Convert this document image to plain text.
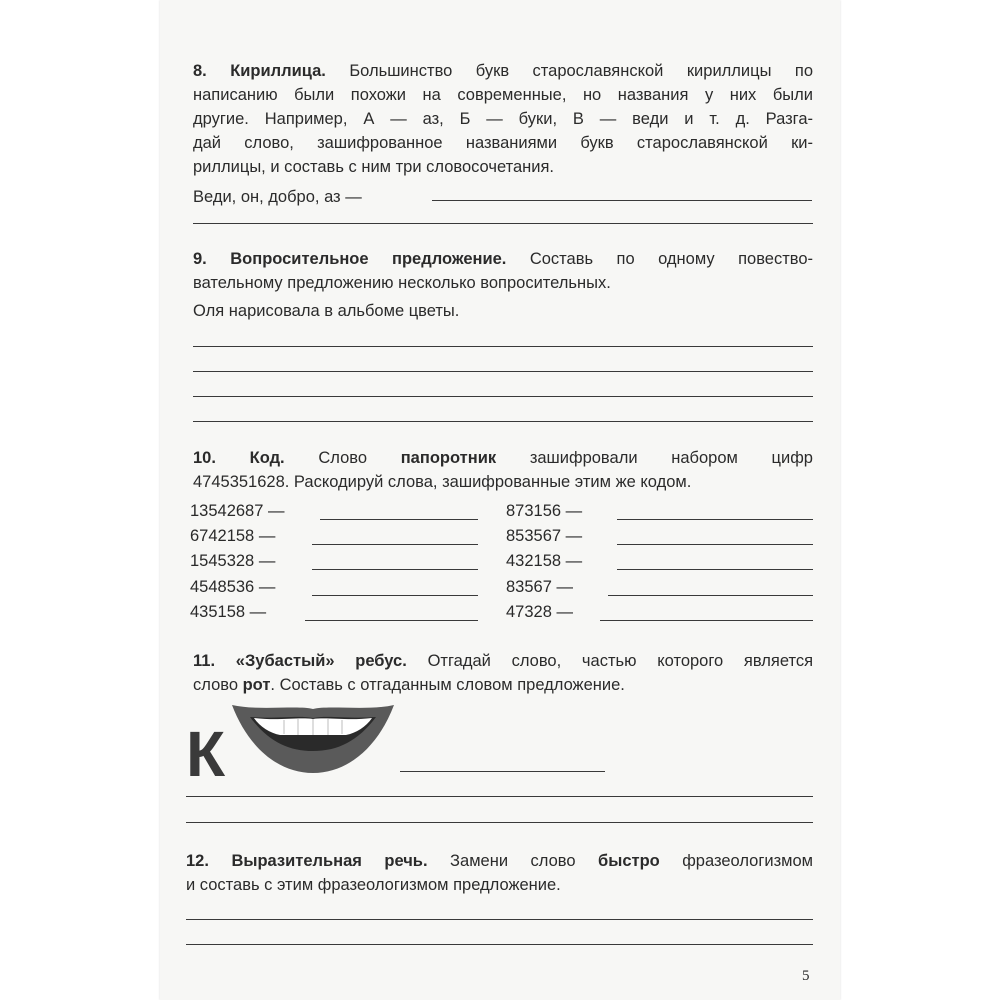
8. Кириллица. Большинство букв старославянской кириллицы по
написанию были похожи на современные, но названия у них были
другие. Например, А — аз, Б — буки, В — веди и т. д. Разга-
дай слово, зашифрованное названиями букв старославянской ки-
риллицы, и составь с ним три словосочетания.
Веди, он, добро, аз —
9. Вопросительное предложение. Составь по одному повество-
вательному предложению несколько вопросительных.
Оля нарисовала в альбоме цветы.
10. Код. Слово папоротник зашифровали набором цифр
4745351628. Раскодируй слова, зашифрованные этим же кодом.
13542687 —
6742158 —
1545328 —
4548536 —
435158 —
873156 —
853567 —
432158 —
83567 —
47328 —
11. «Зубастый» ребус. Отгадай слово, частью которого является
слово рот. Составь с отгаданным словом предложение.
К
12. Выразительная речь. Замени слово быстро фразеологизмом
и составь с этим фразеологизмом предложение.
5
